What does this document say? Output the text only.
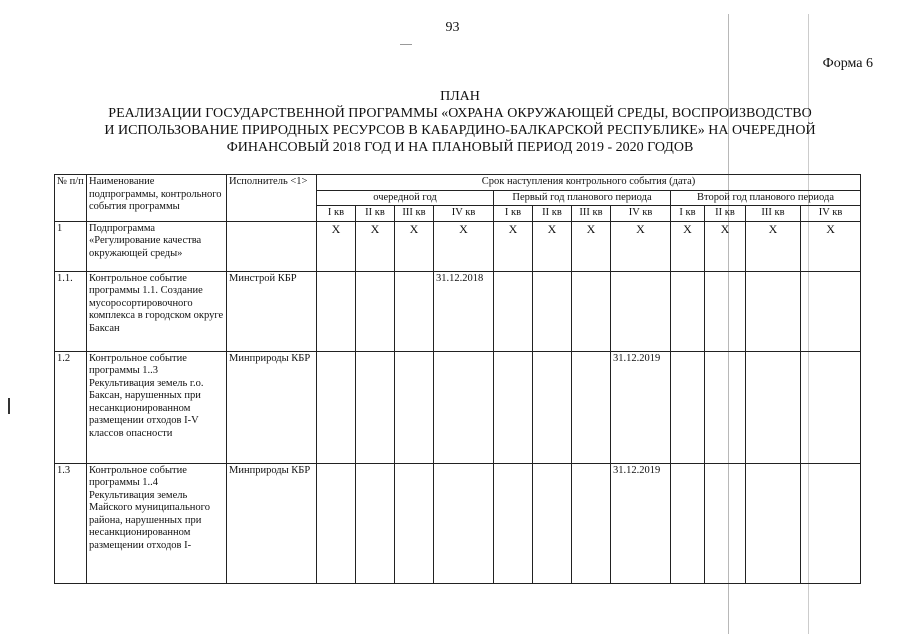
93
Форма 6
ПЛАН
РЕАЛИЗАЦИИ ГОСУДАРСТВЕННОЙ ПРОГРАММЫ «ОХРАНА ОКРУЖАЮЩЕЙ СРЕДЫ, ВОСПРОИЗВОДСТВО
И ИСПОЛЬЗОВАНИЕ ПРИРОДНЫХ РЕСУРСОВ В КАБАРДИНО-БАЛКАРСКОЙ РЕСПУБЛИКЕ» НА ОЧЕРЕДНОЙ
ФИНАНСОВЫЙ 2018 ГОД И НА ПЛАНОВЫЙ ПЕРИОД 2019 - 2020 ГОДОВ
№ п/п	Наименование подпрограммы, контрольного события программы	Исполнитель <1>	Срок наступления контрольного события (дата)											
			очередной год				Первый год планового периода				Второй год планового периода			
			I кв	II кв	III кв	IV кв	I кв	II кв	III кв	IV кв	I кв	II кв	III кв	IV кв
1	Подпрограмма «Регулирование качества окружающей среды»		X	X	X	X	X	X	X	X	X	X	X	X
1.1.	Контрольное событие программы 1.1. Создание мусоросортировочного комплекса в городском округе Баксан	Минстрой КБР				31.12.2018								
1.2	Контрольное событие программы 1..3 Рекультивация земель г.о. Баксан, нарушенных при несанкционированном размещении отходов I-V классов опасности	Минприроды КБР								31.12.2019				
1.3	Контрольное событие программы 1..4 Рекультивация земель Майского муниципального района, нарушенных при несанкционированном размещении отходов I-	Минприроды КБР								31.12.2019				
